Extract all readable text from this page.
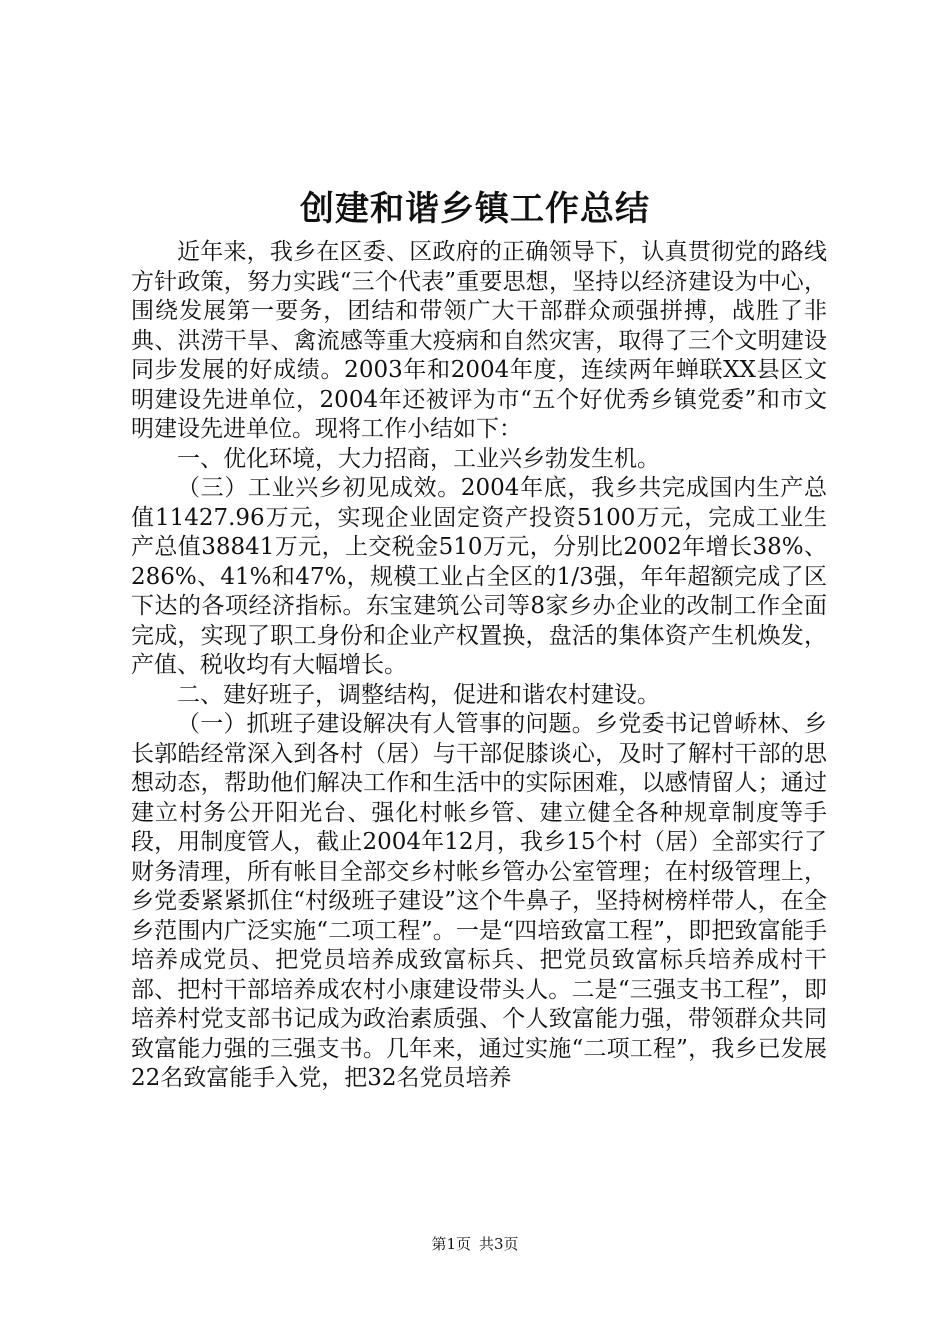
创建和谐乡镇工作总结

近年来，我乡在区委、区政府的正确领导下，认真贯彻党的路线方针政策，努力实践“三个代表”重要思想，坚持以经济建设为中心，围绕发展第一要务，团结和带领广大干部群众顽强拼搏，战胜了非典、洪涝干旱、禽流感等重大疫病和自然灾害，取得了三个文明建设同步发展的好成绩。2003年和2004年度，连续两年蝉联XX县区文明建设先进单位，2004年还被评为市“五个好优秀乡镇党委”和市文明建设先进单位。现将工作小结如下：

一、优化环境，大力招商，工业兴乡勃发生机。

（三）工业兴乡初见成效。2004年底，我乡共完成国内生产总值11427.96万元，实现企业固定资产投资5100万元，完成工业生产总值38841万元，上交税金510万元，分别比2002年增长38%、286%、41%和47%，规模工业占全区的1/3强，年年超额完成了区下达的各项经济指标。东宝建筑公司等8家乡办企业的改制工作全面完成，实现了职工身份和企业产权置换，盘活的集体资产生机焕发，产值、税收均有大幅增长。

二、建好班子，调整结构，促进和谐农村建设。

（一）抓班子建设解决有人管事的问题。乡党委书记曾峤林、乡长郭皓经常深入到各村（居）与干部促膝谈心，及时了解村干部的思想动态，帮助他们解决工作和生活中的实际困难，以感情留人；通过建立村务公开阳光台、强化村帐乡管、建立健全各种规章制度等手段，用制度管人，截止2004年12月，我乡15个村（居）全部实行了财务清理，所有帐目全部交乡村帐乡管办公室管理；在村级管理上，乡党委紧紧抓住“村级班子建设”这个牛鼻子，坚持树榜样带人，在全乡范围内广泛实施“二项工程”。一是“四培致富工程”，即把致富能手培养成党员、把党员培养成致富标兵、把党员致富标兵培养成村干部、把村干部培养成农村小康建设带头人。二是“三强支书工程”，即培养村党支部书记成为政治素质强、个人致富能力强，带领群众共同致富能力强的三强支书。几年来，通过实施“二项工程”，我乡已发展22名致富能手入党，把32名党员培养

第1页 共3页
